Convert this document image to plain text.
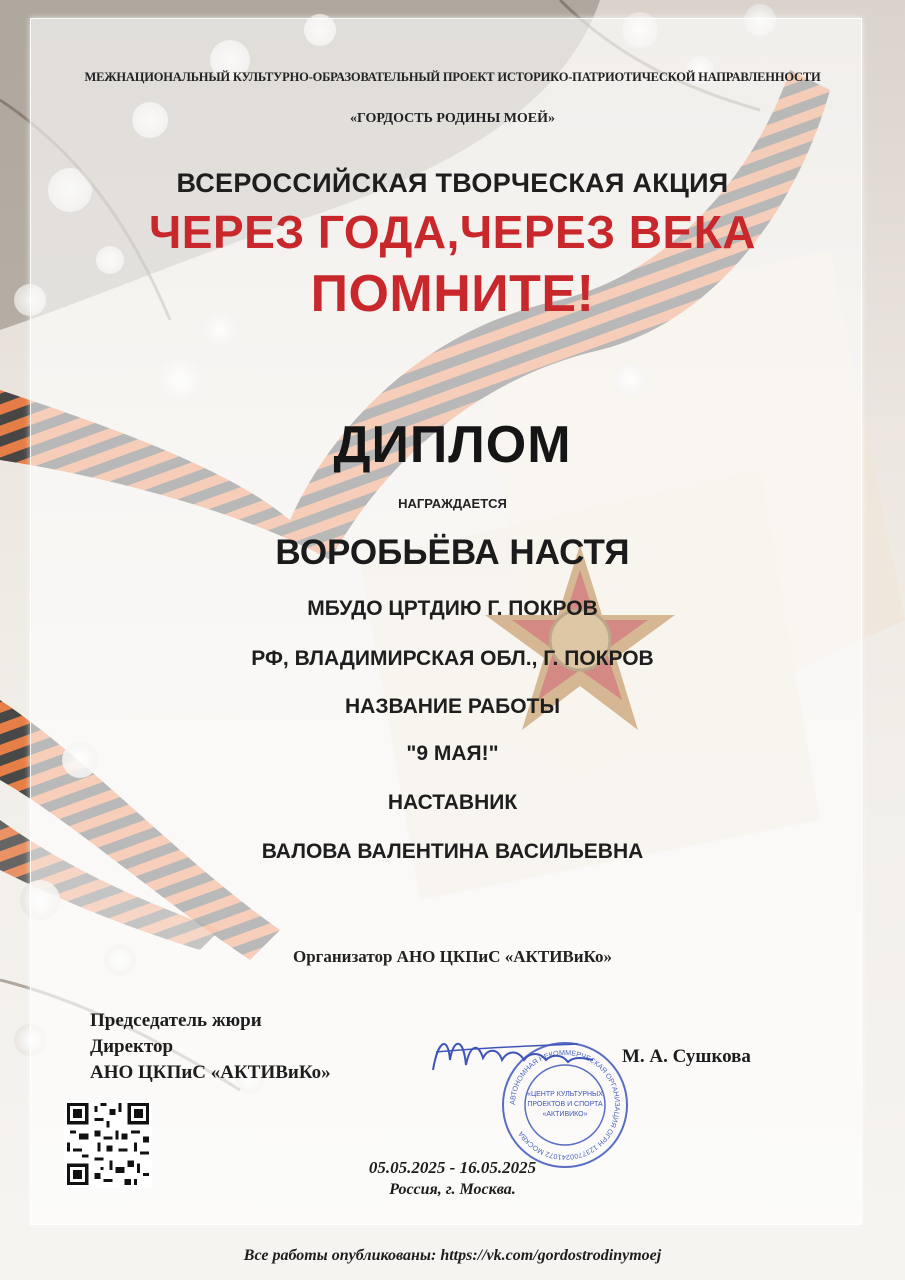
МЕЖНАЦИОНАЛЬНЫЙ КУЛЬТУРНО-ОБРАЗОВАТЕЛЬНЫЙ ПРОЕКТ ИСТОРИКО-ПАТРИОТИЧЕСКОЙ НАПРАВЛЕННОСТИ
«ГОРДОСТЬ РОДИНЫ МОЕЙ»
ВСЕРОССИЙСКАЯ ТВОРЧЕСКАЯ АКЦИЯ
ЧЕРЕЗ ГОДА,ЧЕРЕЗ ВЕКА
ПОМНИТЕ!
ДИПЛОМ
НАГРАЖДАЕТСЯ
ВОРОБЬЁВА НАСТЯ
МБУДО ЦРТДИЮ Г. ПОКРОВ
РФ, ВЛАДИМИРСКАЯ ОБЛ., Г. ПОКРОВ
НАЗВАНИЕ РАБОТЫ
"9 МАЯ!"
НАСТАВНИК
ВАЛОВА ВАЛЕНТИНА ВАСИЛЬЕВНА
Организатор АНО ЦКПиС «АКТИВиКо»
Председатель жюри
Директор
АНО ЦКПиС «АКТИВиКо»
АВТОНОМНАЯ НЕКОММЕРЧЕСКАЯ ОРГАНИЗАЦИЯ ОГРН 1237700241072 МОСКВА
«ЦЕНТР КУЛЬТУРНЫХ
ПРОЕКТОВ И СПОРТА
«АКТИВИКО»
М. А. Сушкова
05.05.2025 - 16.05.2025
Россия, г. Москва.
Все работы опубликованы: https://vk.com/gordostrodinymoej
